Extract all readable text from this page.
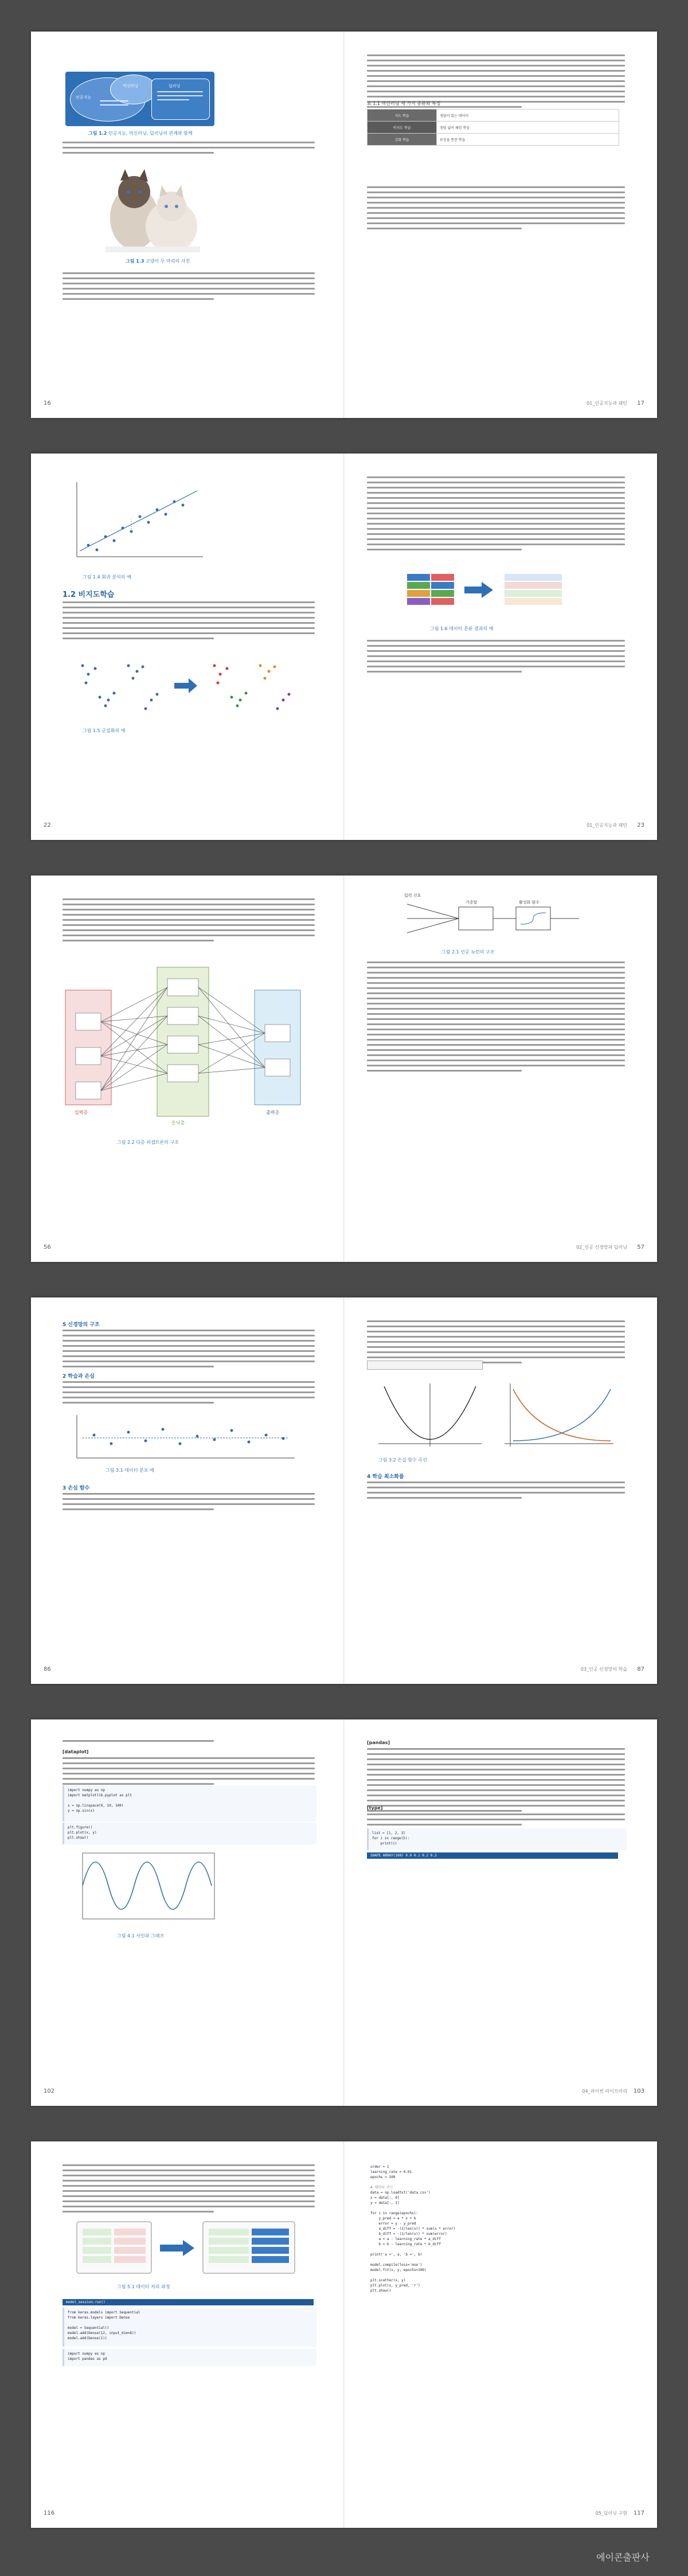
인공지능
머신러닝	딥러닝
그림 1.2 인공지능, 머신러닝, 딥러닝의 관계와 함께
그림 1.3 고양이 두 마리의 사진
16
표 1.1 머신러닝 세 가지 종류와 특징
지도 학습	정답이 있는 데이터
비지도 학습	정답 없이 패턴 학습
강화 학습	보상을 통한 학습
01_인공지능과 패턴 17
그림 1.4 회귀 분석의 예
1.2 비지도학습
그림 1.5 군집화의 예
22
그림 1.6 데이터 분류 결과의 예
01_인공지능과 패턴 23
입력층
은닉층
출력층
그림 2.2 다층 퍼셉트론의 구조
56
입력 신호
가중합	활성화 함수
그림 2.1 인공 뉴런의 구조
02_인공 신경망과 딥러닝 57
5 신경망의 구조
2 학습과 손실
그림 3.1 데이터 분포 예
3 손실 함수
86
그림 3.2 손실 함수 곡선
4 학습 최소화률
03_인공 신경망의 학습 87
[dataplot]
import numpy as np
import matplotlib.pyplot as plt

x = np.linspace(0, 10, 100)
y = np.sin(x)
plt.figure()
plt.plot(x, y)
plt.show()
그림 4.1 사인파 그래프
102
[pandas]
[type]
list = [1, 2, 3]
for i in range(5):
print(i)
SHAPE ARRAY(100) 0.0 0.1 0.2 0.3
04_파이썬 라이브러리 103
그림 5.1 데이터 처리 과정
model_session.run()
from keras.models import Sequential
from keras.layers import Dense

model = Sequential()
model.add(Dense(12, input_dim=8))
model.add(Dense(1))
import numpy as np
import pandas as pd
116
order = 1
learning_rate = 0.01
epochs = 100

# 데이터 로드
data = np.loadtxt('data.csv')
x = data[:, 0]
y = data[:, 1]

for i in range(epochs):
y_pred = a * x + b
error = y - y_pred
a_diff = -(2/len(x)) * sum(x * error)
b_diff = -(2/len(x)) * sum(error)
a = a - learning_rate * a_diff
b = b - learning_rate * b_diff

print('a =', a, 'b =', b)

model.compile(loss='mse')
model.fit(x, y, epochs=100)

plt.scatter(x, y)
plt.plot(x, y_pred, 'r')
plt.show()
05_딥러닝 구현 117
에이콘출판사
